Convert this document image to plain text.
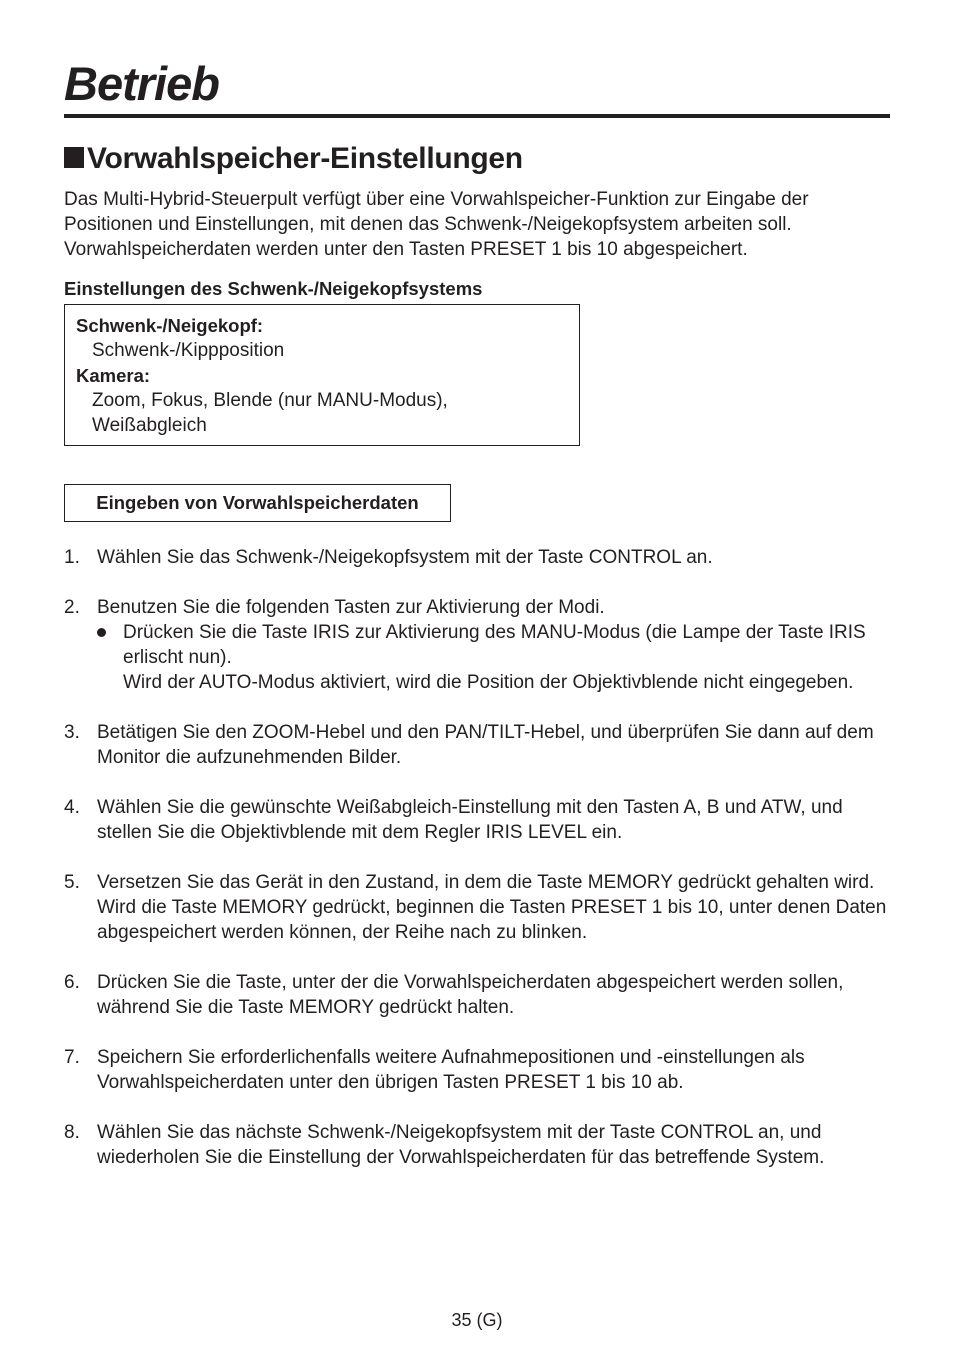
Betrieb
Vorwahlspeicher-Einstellungen

Das Multi-Hybrid-Steuerpult verfügt über eine Vorwahlspeicher-Funktion zur Eingabe der Positionen und Einstellungen, mit denen das Schwenk-/Neigekopfsystem arbeiten soll. Vorwahlspeicherdaten werden unter den Tasten PRESET 1 bis 10 abgespeichert.

Einstellungen des Schwenk-/Neigekopfsystems

Schwenk-/Neigekopf:
Schwenk-/Kippposition
Kamera:
Zoom, Fokus, Blende (nur MANU-Modus),
Weißabgleich
Eingeben von Vorwahlspeicherdaten
1. Wählen Sie das Schwenk-/Neigekopfsystem mit der Taste CONTROL an.
2. Benutzen Sie die folgenden Tasten zur Aktivierung der Modi.
Drücken Sie die Taste IRIS zur Aktivierung des MANU-Modus (die Lampe der Taste IRIS erlischt nun).
Wird der AUTO-Modus aktiviert, wird die Position der Objektivblende nicht eingegeben.
3. Betätigen Sie den ZOOM-Hebel und den PAN/TILT-Hebel, und überprüfen Sie dann auf dem Monitor die aufzunehmenden Bilder.
4. Wählen Sie die gewünschte Weißabgleich-Einstellung mit den Tasten A, B und ATW, und stellen Sie die Objektivblende mit dem Regler IRIS LEVEL ein.
5. Versetzen Sie das Gerät in den Zustand, in dem die Taste MEMORY gedrückt gehalten wird.
Wird die Taste MEMORY gedrückt, beginnen die Tasten PRESET 1 bis 10, unter denen Daten abgespeichert werden können, der Reihe nach zu blinken.
6. Drücken Sie die Taste, unter der die Vorwahlspeicherdaten abgespeichert werden sollen, während Sie die Taste MEMORY gedrückt halten.
7. Speichern Sie erforderlichenfalls weitere Aufnahmepositionen und -einstellungen als Vorwahlspeicherdaten unter den übrigen Tasten PRESET 1 bis 10 ab.
8. Wählen Sie das nächste Schwenk-/Neigekopfsystem mit der Taste CONTROL an, und wiederholen Sie die Einstellung der Vorwahlspeicherdaten für das betreffende System.
35 (G)
